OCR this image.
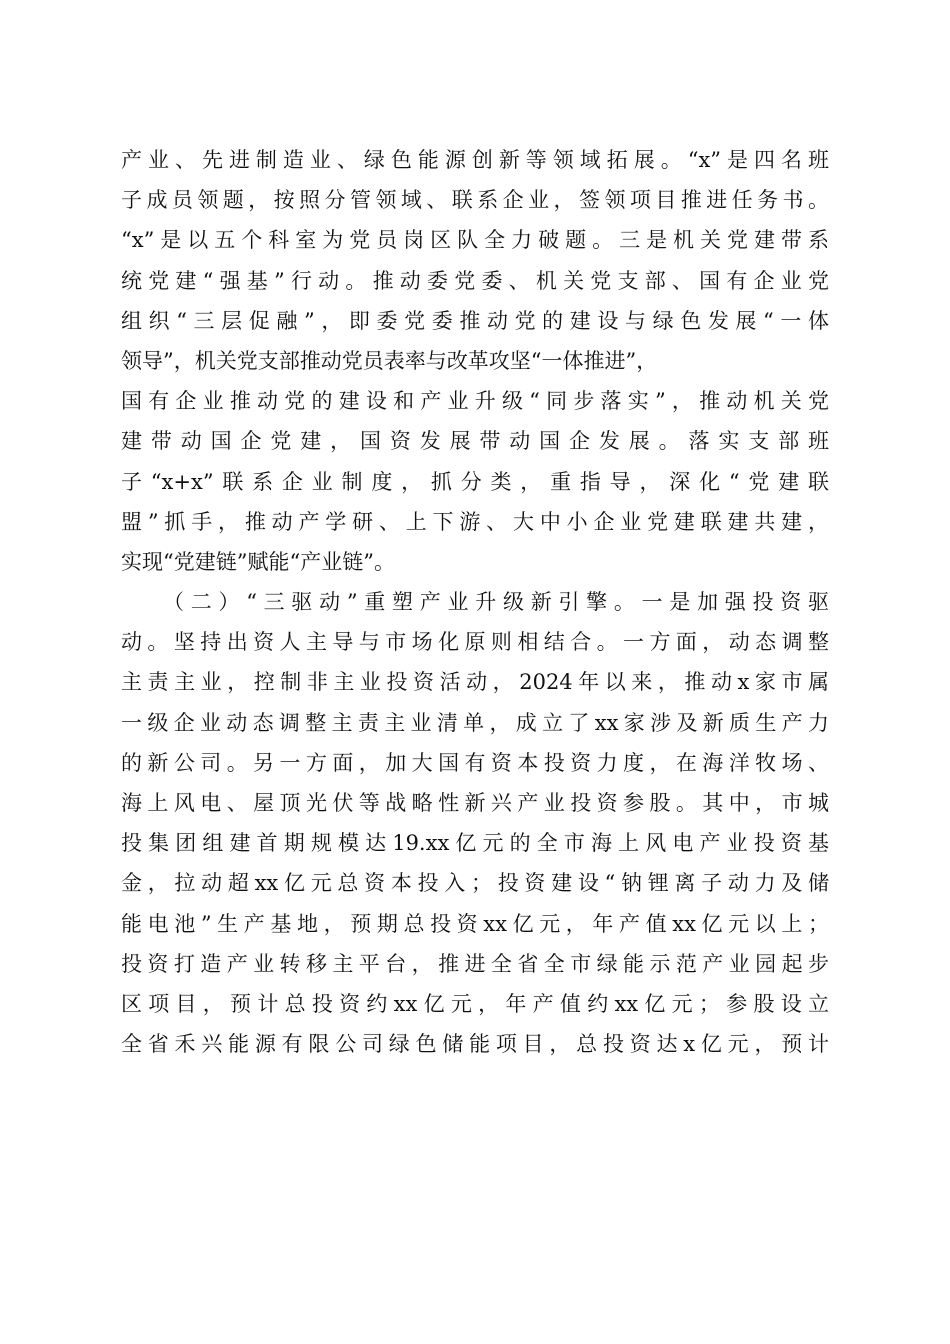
产业、先进制造业、绿色能源创新等领域拓展。“x”是四名班
子成员领题，按照分管领域、联系企业，签领项目推进任务书。
“x”是以五个科室为党员岗区队全力破题。三是机关党建带系
统党建“强基”行动。推动委党委、机关党支部、国有企业党
组织“三层促融”，即委党委推动党的建设与绿色发展“一体
领导”，机关党支部推动党员表率与改革攻坚“一体推进”，
国有企业推动党的建设和产业升级“同步落实”，推动机关党
建带动国企党建，国资发展带动国企发展。落实支部班
子“x+x”联系企业制度，抓分类，重指导，深化“党建联
盟”抓手，推动产学研、上下游、大中小企业党建联建共建，
实现“党建链”赋能“产业链”。
（二）“三驱动”重塑产业升级新引擎。一是加强投资驱
动。坚持出资人主导与市场化原则相结合。一方面，动态调整
主责主业，控制非主业投资活动，2024年以来，推动x家市属
一级企业动态调整主责主业清单，成立了xx家涉及新质生产力
的新公司。另一方面，加大国有资本投资力度，在海洋牧场、
海上风电、屋顶光伏等战略性新兴产业投资参股。其中，市城
投集团组建首期规模达19.xx亿元的全市海上风电产业投资基
金，拉动超xx亿元总资本投入；投资建设“钠锂离子动力及储
能电池”生产基地，预期总投资xx亿元，年产值xx亿元以上；
投资打造产业转移主平台，推进全省全市绿能示范产业园起步
区项目，预计总投资约xx亿元，年产值约xx亿元；参股设立
全省禾兴能源有限公司绿色储能项目，总投资达x亿元，预计
